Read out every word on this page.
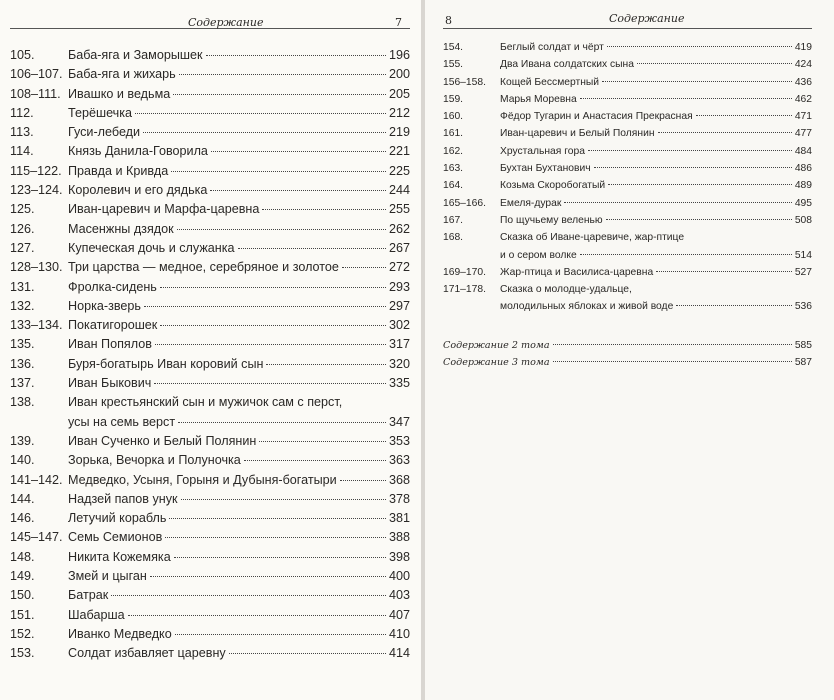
Содержание	7
105.	Баба-яга и Заморышек	196
106–107. Баба-яга и жихарь	200
108–111. Ивашко и ведьма	205
112.	Терёшечка	212
113.	Гуси-лебеди	219
114.	Князь Данила-Говорила	221
115–122. Правда и Кривда	225
123–124. Королевич и его дядька	244
125.	Иван-царевич и Марфа-царевна	255
126.	Масенжны дзядок	262
127.	Купеческая дочь и служанка	267
128–130. Три царства — медное, серебряное и золотое	272
131.	Фролка-сидень	293
132.	Норка-зверь	297
133–134. Покатигорошек	302
135.	Иван Попялов	317
136.	Буря-богатырь Иван коровий сын	320
137.	Иван Быкович	335
138.	Иван крестьянский сын и мужичок сам с перст,
усы на семь верст	347
139.	Иван Сученко и Белый Полянин	353
140.	Зорька, Вечорка и Полуночка	363
141–142. Медведко, Усыня, Горыня и Дубыня-богатыри	368
144.	Надзей папов унук	378
146.	Летучий корабль	381
145–147. Семь Семионов	388
148.	Никита Кожемяка	398
149.	Змей и цыган	400
150.	Батрак	403
151.	Шабарша	407
152.	Иванко Медведко	410
153.	Солдат избавляет царевну	414
8	Содержание
154.	Беглый солдат и чёрт	419
155.	Два Ивана солдатских сына	424
156–158.	Кощей Бессмертный	436
159.	Марья Моревна	462
160.	Фёдор Тугарин и Анастасия Прекрасная	471
161.	Иван-царевич и Белый Полянин	477
162.	Хрустальная гора	484
163.	Бухтан Бухтанович	486
164.	Козьма Скоробогатый	489
165–166.	Емеля-дурак	495
167.	По щучьему веленью	508
168.	Сказка об Иване-царевиче, жар-птице
и о сером волке	514
169–170.	Жар-птица и Василиса-царевна	527
171–178.	Сказка о молодце-удальце,
молодильных яблоках и живой воде	536
Содержание 2 тома	585
Содержание 3 тома	587
